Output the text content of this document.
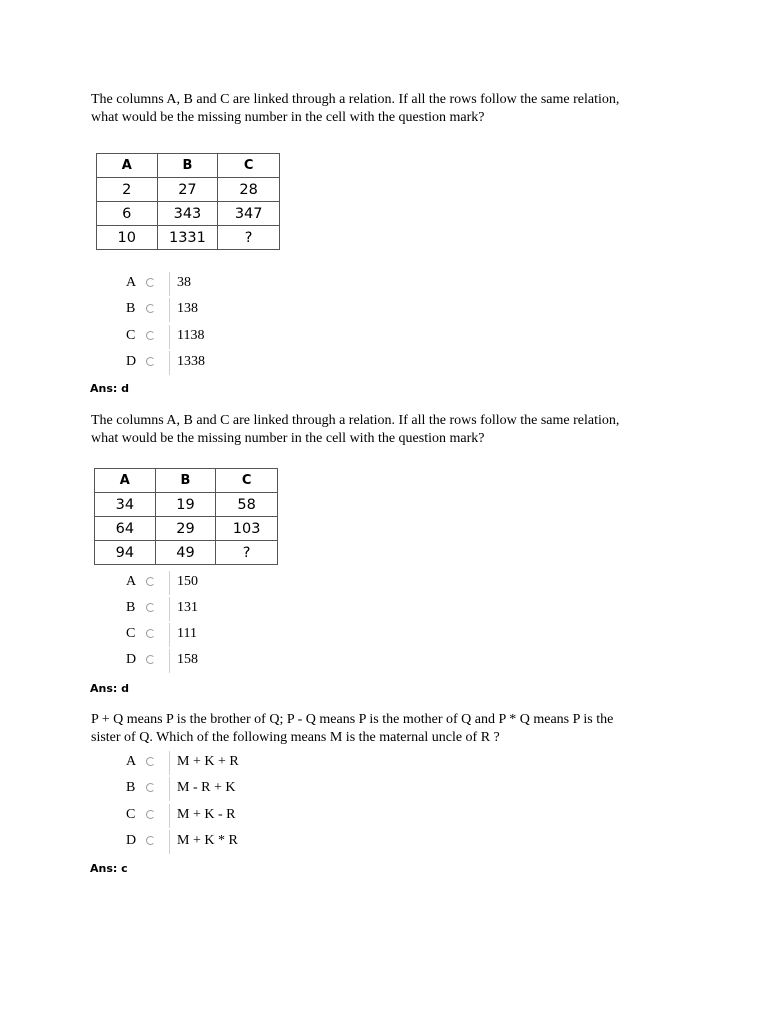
The columns A, B and C are linked through a relation. If all the rows follow the same relation,
what would be the missing number in the cell with the question mark?
A	B	C
2	27	28
6	343	347
10	1331	?
A	38
B	138
C	1138
D	1338
Ans: d
The columns A, B and C are linked through a relation. If all the rows follow the same relation,
what would be the missing number in the cell with the question mark?
A	B	C
34	19	58
64	29	103
94	49	?
A	150
B	131
C	111
D	158
Ans: d
P + Q means P is the brother of Q; P - Q means P is the mother of Q and P * Q means P is the
sister of Q. Which of the following means M is the maternal uncle of R ?
A	M + K + R
B	M - R + K
C	M + K - R
D	M + K * R
Ans: c
